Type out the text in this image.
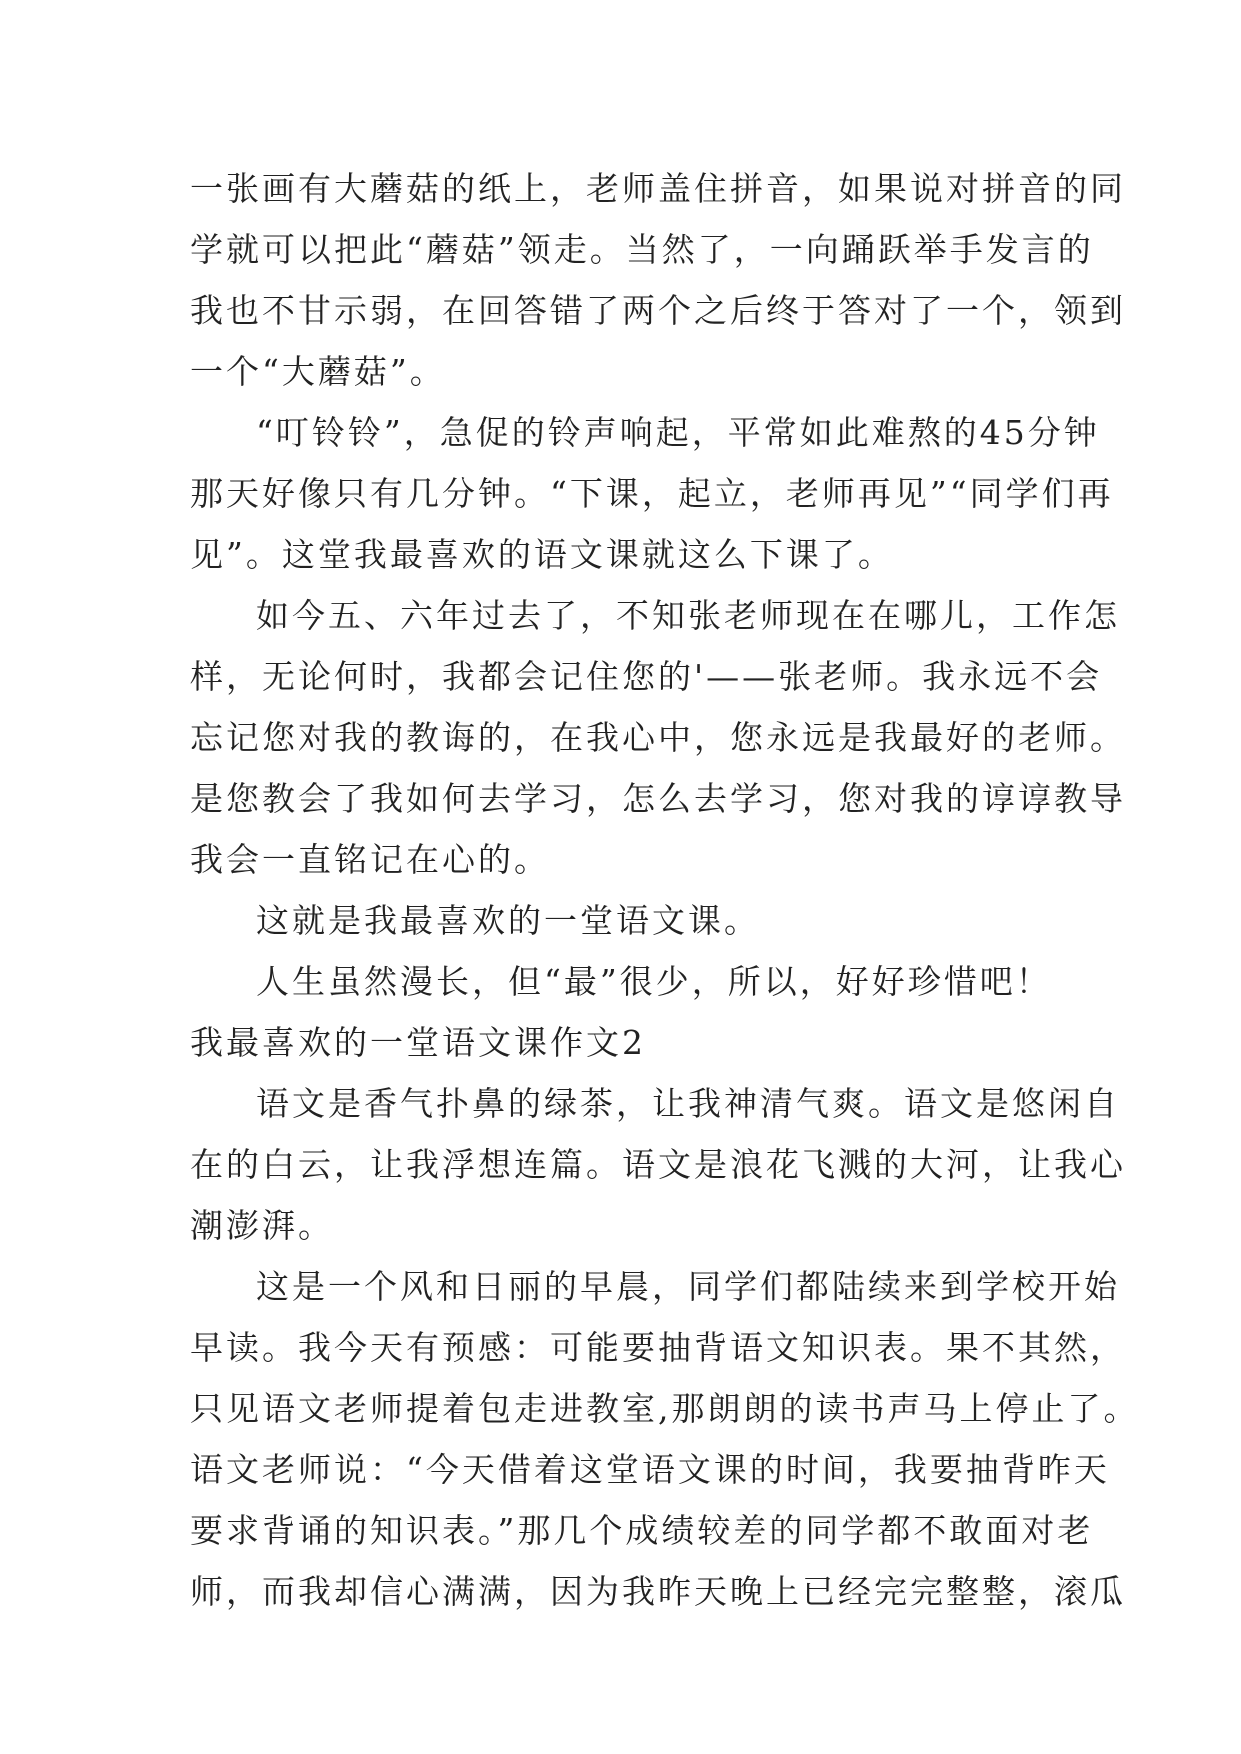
一张画有大蘑菇的纸上，老师盖住拼音，如果说对拼音的同
学就可以把此“蘑菇”领走。当然了，一向踊跃举手发言的
我也不甘示弱，在回答错了两个之后终于答对了一个，领到
一个“大蘑菇”。
“叮铃铃”，急促的铃声响起，平常如此难熬的45分钟
那天好像只有几分钟。“下课，起立，老师再见”“同学们再
见”。这堂我最喜欢的语文课就这么下课了。
如今五、六年过去了，不知张老师现在在哪儿，工作怎
样，无论何时，我都会记住您的'——张老师。我永远不会
忘记您对我的教诲的，在我心中，您永远是我最好的老师。
是您教会了我如何去学习，怎么去学习，您对我的谆谆教导
我会一直铭记在心的。
这就是我最喜欢的一堂语文课。
人生虽然漫长，但“最”很少，所以，好好珍惜吧！
我最喜欢的一堂语文课作文2
语文是香气扑鼻的绿茶，让我神清气爽。语文是悠闲自
在的白云，让我浮想连篇。语文是浪花飞溅的大河，让我心
潮澎湃。
这是一个风和日丽的早晨，同学们都陆续来到学校开始
早读。我今天有预感：可能要抽背语文知识表。果不其然，
只见语文老师提着包走进教室,那朗朗的读书声马上停止了。
语文老师说：“今天借着这堂语文课的时间，我要抽背昨天
要求背诵的知识表。”那几个成绩较差的同学都不敢面对老
师，而我却信心满满，因为我昨天晚上已经完完整整，滚瓜
